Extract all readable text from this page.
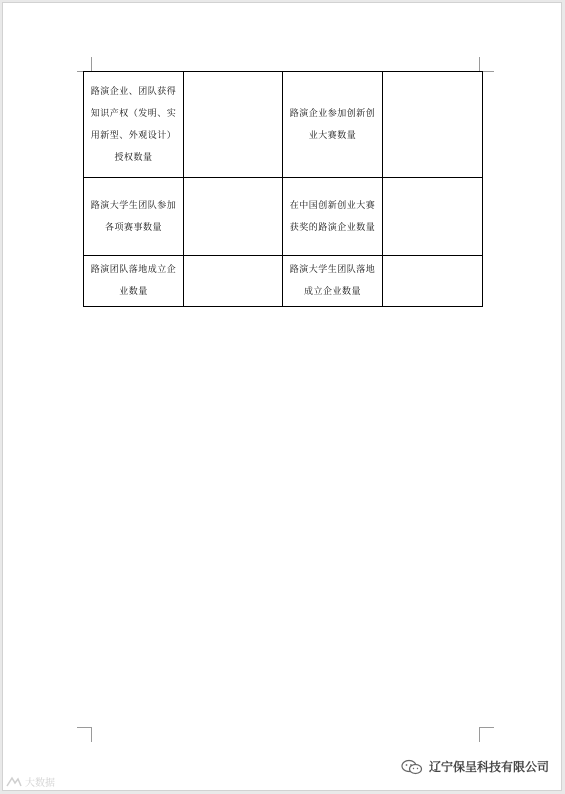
路演企业、团队获得知识产权（发明、实用新型、外观设计）授权数量		路演企业参加创新创业大赛数量	
路演大学生团队参加各项赛事数量		在中国创新创业大赛获奖的路演企业数量	
路演团队落地成立企业数量		路演大学生团队落地成立企业数量	
大数据
辽宁保呈科技有限公司
